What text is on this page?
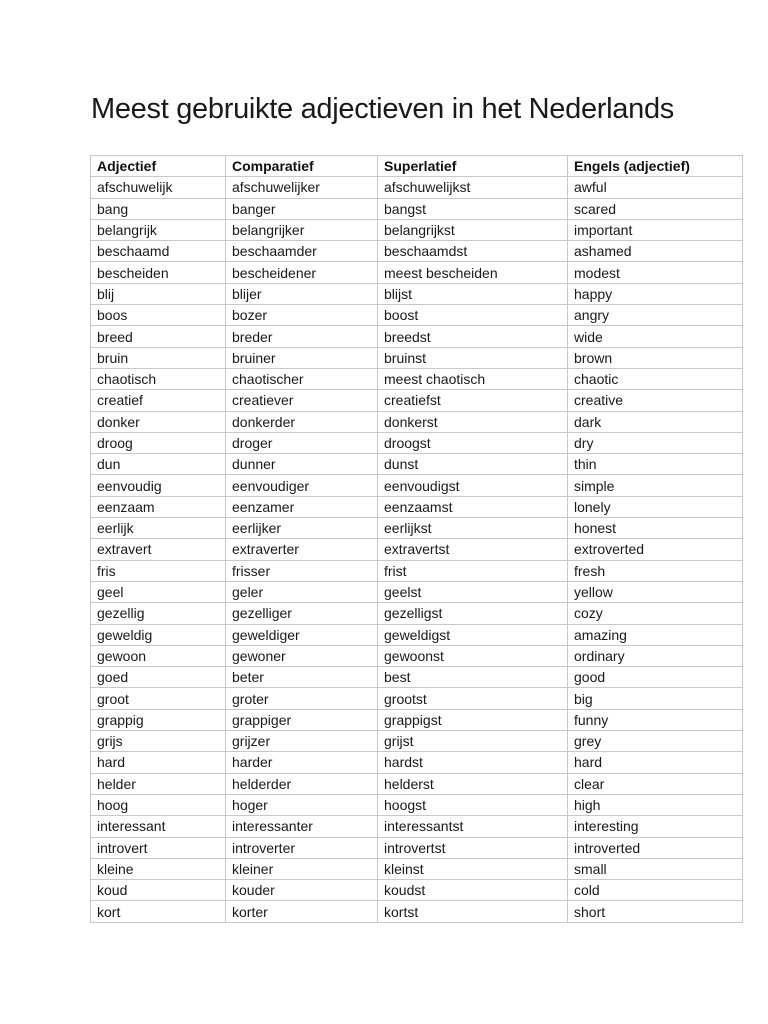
Meest gebruikte adjectieven in het Nederlands
Adjectief	Comparatief	Superlatief	Engels (adjectief)
afschuwelijk	afschuwelijker	afschuwelijkst	awful
bang	banger	bangst	scared
belangrijk	belangrijker	belangrijkst	important
beschaamd	beschaamder	beschaamdst	ashamed
bescheiden	bescheidener	meest bescheiden	modest
blij	blijer	blijst	happy
boos	bozer	boost	angry
breed	breder	breedst	wide
bruin	bruiner	bruinst	brown
chaotisch	chaotischer	meest chaotisch	chaotic
creatief	creatiever	creatiefst	creative
donker	donkerder	donkerst	dark
droog	droger	droogst	dry
dun	dunner	dunst	thin
eenvoudig	eenvoudiger	eenvoudigst	simple
eenzaam	eenzamer	eenzaamst	lonely
eerlijk	eerlijker	eerlijkst	honest
extravert	extraverter	extravertst	extroverted
fris	frisser	frist	fresh
geel	geler	geelst	yellow
gezellig	gezelliger	gezelligst	cozy
geweldig	geweldiger	geweldigst	amazing
gewoon	gewoner	gewoonst	ordinary
goed	beter	best	good
groot	groter	grootst	big
grappig	grappiger	grappigst	funny
grijs	grijzer	grijst	grey
hard	harder	hardst	hard
helder	helderder	helderst	clear
hoog	hoger	hoogst	high
interessant	interessanter	interessantst	interesting
introvert	introverter	introvertst	introverted
kleine	kleiner	kleinst	small
koud	kouder	koudst	cold
kort	korter	kortst	short
